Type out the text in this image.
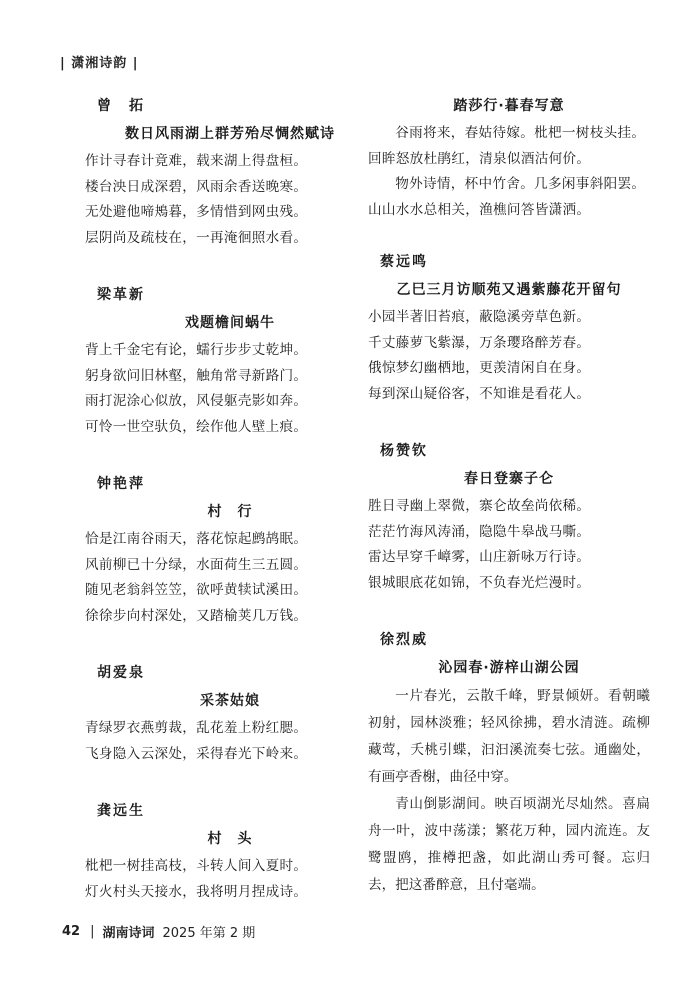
| 潇湘诗韵 |
曾　拓
数日风雨湖上群芳殆尽惆然赋诗
作计寻春计竟难，载来湖上得盘桓。
楼台泱日成深碧，风雨余香送晚寒。
无处避他啼鴂暮，多情惜到网虫残。
层阴尚及疏枝在，一再淹徊照水看。
梁革新
戏题檐间蜗牛
背上千金宅有论，蠕行步步丈乾坤。
躬身欲问旧林壑，触角常寻新路门。
雨打泥涂心似放，风侵躯壳影如奔。
可怜一世空驮负，绘作他人壁上痕。
钟艳萍
村　行
恰是江南谷雨天，落花惊起鹧鸪眠。
风前柳已十分绿，水面荷生三五圆。
随见老翁斜笠笠，欲呼黄犊试溪田。
徐徐步向村深处，又踏榆荚几万钱。
胡爱泉
采茶姑娘
青绿罗衣燕剪裁，乱花羞上粉红腮。
飞身隐入云深处，采得春光下岭来。
龚远生
村　头
枇杷一树挂高枝，斗转人间入夏时。
灯火村头天接水，我将明月捏成诗。
踏莎行·暮春写意
谷雨将来，春姑待嫁。枇杷一树枝头挂。
回眸怒放杜鹃红，清泉似酒沽何价。
物外诗情，杯中竹舍。几多闲事斜阳罢。
山山水水总相关，渔樵问答皆潇洒。
蔡远鸣
乙巳三月访顺苑又遇紫藤花开留句
小园半著旧苔痕，蔽隐溪旁草色新。
千丈藤萝飞紫瀑，万条璎珞醉芳春。
俄惊梦幻幽栖地，更羡清闲自在身。
每到深山疑俗客，不知谁是看花人。
杨赞钦
春日登寨子仑
胜日寻幽上翠微，寨仑故垒尚依稀。
茫茫竹海风涛涌，隐隐牛皋战马嘶。
雷达早穿千嶂雾，山庄新咏万行诗。
银城眼底花如锦，不负春光烂漫时。
徐烈威
沁园春·游梓山湖公园

一片春光，云散千峰，野景倾妍。看朝曦初射，园林淡雅；轻风徐拂，碧水清涟。疏柳藏莺，夭桃引蝶，汩汩溪流奏七弦。通幽处，有画亭香榭，曲径中穿。

青山倒影湖间。映百顷湖光尽灿然。喜扁舟一叶，波中荡漾；繁花万种，园内流连。友鹭盟鸥，推樽把盏，如此湖山秀可餐。忘归去，把这番醉意，且付毫端。

42 | 湖南诗词 2025 年第 2 期
